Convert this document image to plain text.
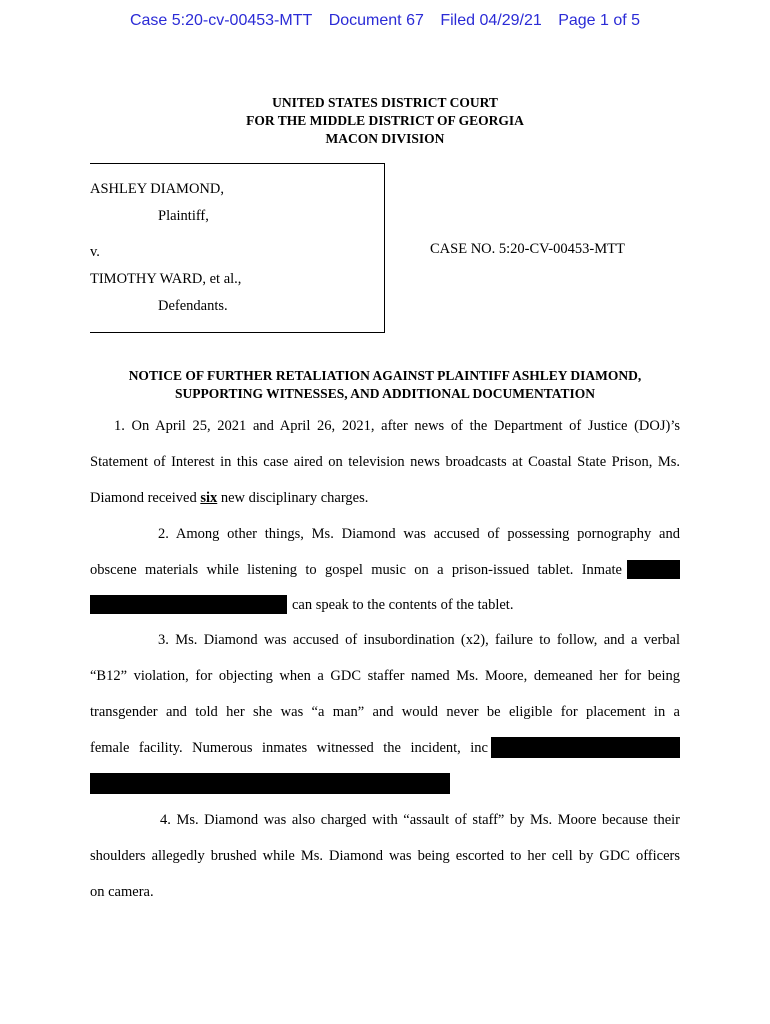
Case 5:20-cv-00453-MTT Document 67 Filed 04/29/21 Page 1 of 5
UNITED STATES DISTRICT COURT
FOR THE MIDDLE DISTRICT OF GEORGIA
MACON DIVISION
ASHLEY DIAMOND,
Plaintiff,
v.
TIMOTHY WARD, et al.,
Defendants.
CASE NO. 5:20-CV-00453-MTT
NOTICE OF FURTHER RETALIATION AGAINST PLAINTIFF ASHLEY DIAMOND,
SUPPORTING WITNESSES, AND ADDITIONAL DOCUMENTATION
1. On April 25, 2021 and April 26, 2021, after news of the Department of Justice (DOJ)’s
Statement of Interest in this case aired on television news broadcasts at Coastal State Prison, Ms.
Diamond received six new disciplinary charges.
2. Among other things, Ms. Diamond was accused of possessing pornography and
obscene materials while listening to gospel music on a prison-issued tablet. Inmate
can speak to the contents of the tablet.
3. Ms. Diamond was accused of insubordination (x2), failure to follow, and a verbal
“B12” violation, for objecting when a GDC staffer named Ms. Moore, demeaned her for being
transgender and told her she was “a man” and would never be eligible for placement in a
female facility. Numerous inmates witnessed the incident, inc
4. Ms. Diamond was also charged with “assault of staff” by Ms. Moore because their
shoulders allegedly brushed while Ms. Diamond was being escorted to her cell by GDC officers
on camera.
